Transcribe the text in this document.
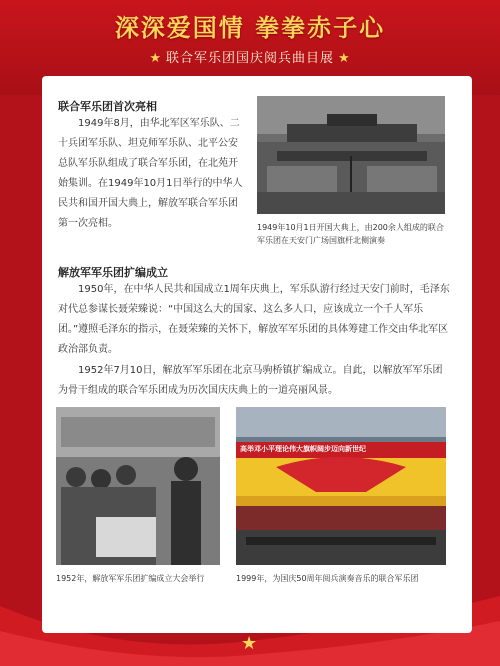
深深爱国情 拳拳赤子心
★ 联合军乐团国庆阅兵曲目展 ★
联合军乐团首次亮相

1949年8月，由华北军区军乐队、二十兵团军乐队、坦克师军乐队、北平公安总队军乐队组成了联合军乐团，在北苑开始集训。在1949年10月1日举行的中华人民共和国开国大典上，解放军联合军乐团第一次亮相。	1949年10月1日开国大典上，由200余人组成的联合军乐团在天安门广场国旗杆北侧演奏
解放军军乐团扩编成立

1950年，在中华人民共和国成立1周年庆典上，军乐队游行经过天安门前时，毛泽东对代总参谋长聂荣臻说：“中国这么大的国家、这么多人口，应该成立一个千人军乐团。”遵照毛泽东的指示，在聂荣臻的关怀下，解放军军乐团的具体筹建工作交由华北军区政治部负责。

1952年7月10日，解放军军乐团在北京马驹桥镇扩编成立。自此，以解放军军乐团为骨干组成的联合军乐团成为历次国庆庆典上的一道亮丽风景。

1952年，解放军军乐团扩编成立大会举行
高举邓小平理论伟大旗帜阔步迈向新世纪
1999年，为国庆50周年阅兵演奏音乐的联合军乐团
★
